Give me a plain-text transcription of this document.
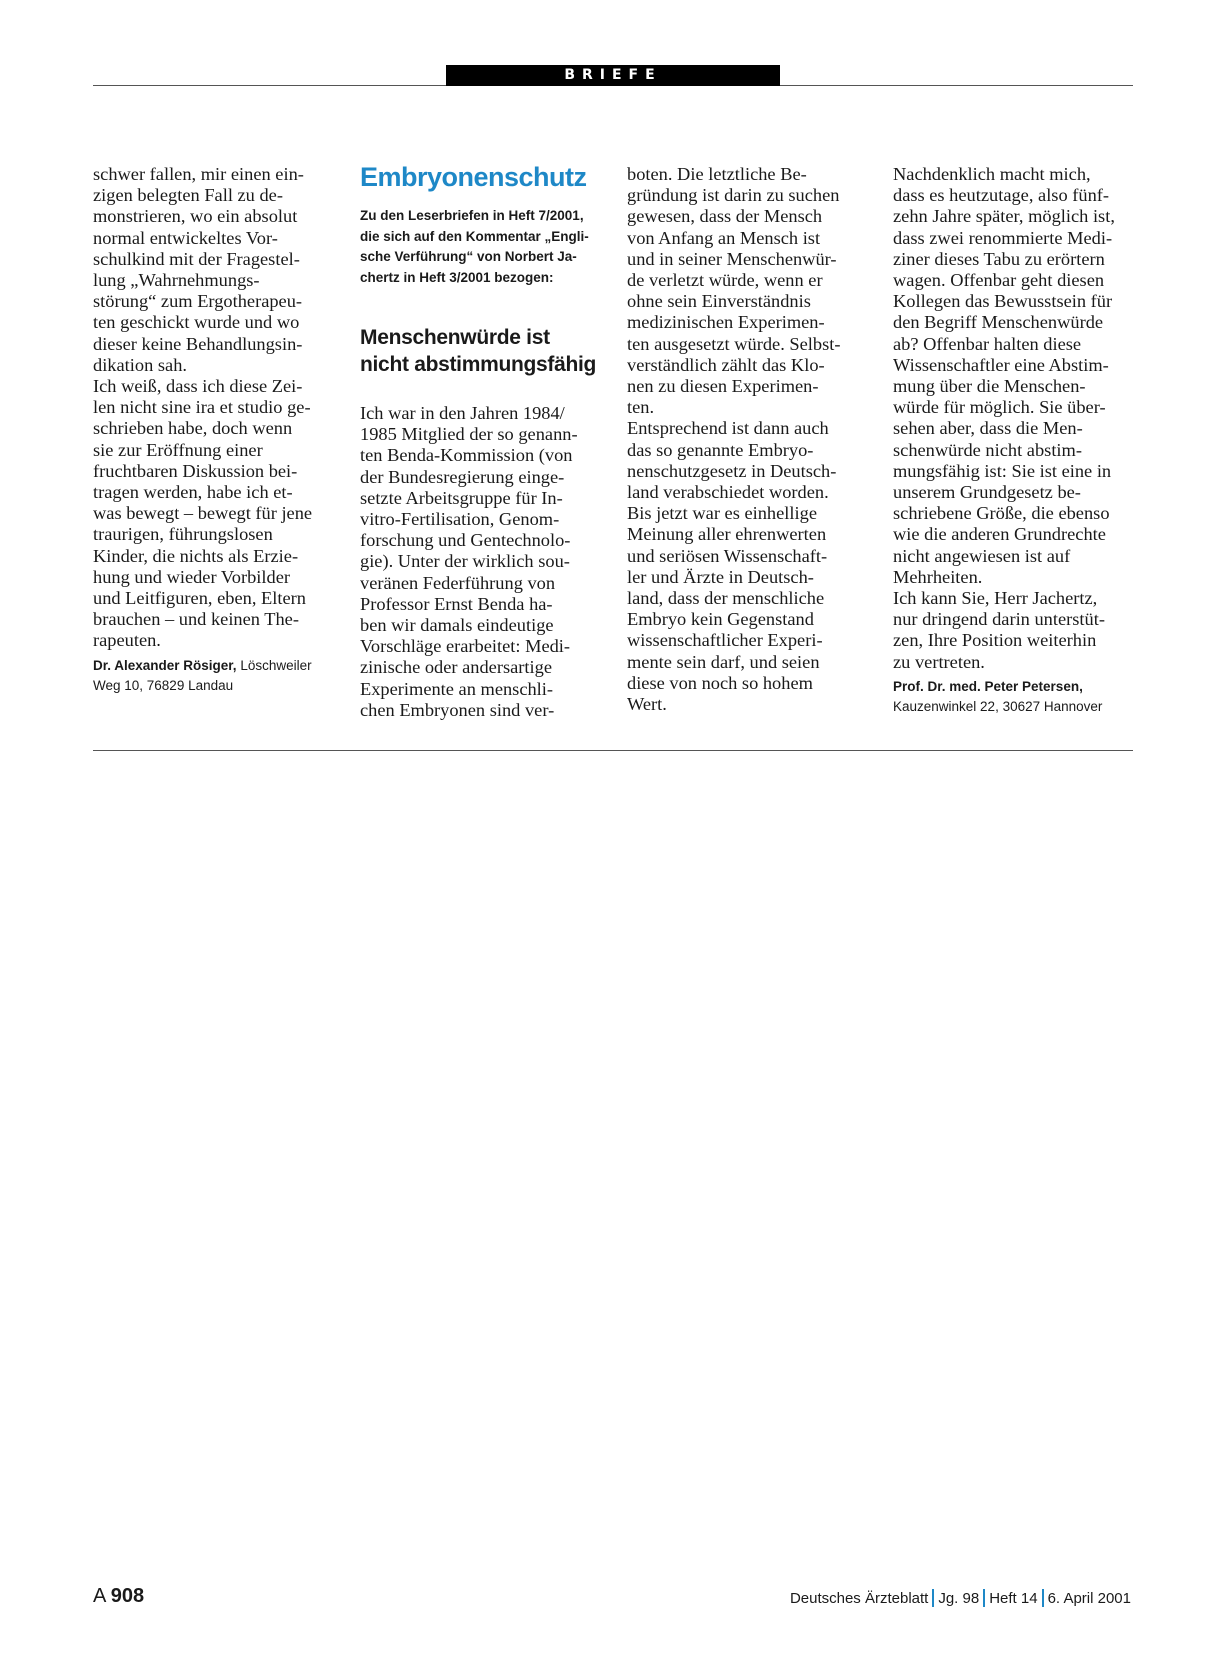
BRIEFE

schwer fallen, mir einen ein-
zigen belegten Fall zu de-
monstrieren, wo ein absolut
normal entwickeltes Vor-
schulkind mit der Fragestel-
lung „Wahrnehmungs-
störung“ zum Ergotherapeu-
ten geschickt wurde und wo
dieser keine Behandlungsin-
dikation sah.
Ich weiß, dass ich diese Zei-
len nicht sine ira et studio ge-
schrieben habe, doch wenn
sie zur Eröffnung einer
fruchtbaren Diskussion bei-
tragen werden, habe ich et-
was bewegt – bewegt für jene
traurigen, führungslosen
Kinder, die nichts als Erzie-
hung und wieder Vorbilder
und Leitfiguren, eben, Eltern
brauchen – und keinen The-
rapeuten.

Dr. Alexander Rösiger, Löschweiler Weg 10, 76829 Landau

Embryonenschutz

Zu den Leserbriefen in Heft 7/2001,
die sich auf den Kommentar „Engli-
sche Verführung“ von Norbert Ja-
chertz in Heft 3/2001 bezogen:

Menschenwürde ist
nicht abstimmungsfähig

Ich war in den Jahren 1984/
1985 Mitglied der so genann-
ten Benda-Kommission (von
der Bundesregierung einge-
setzte Arbeitsgruppe für In-
vitro-Fertilisation, Genom-
forschung und Gentechnolo-
gie). Unter der wirklich sou-
veränen Federführung von
Professor Ernst Benda ha-
ben wir damals eindeutige
Vorschläge erarbeitet: Medi-
zinische oder andersartige
Experimente an menschli-
chen Embryonen sind ver-

boten. Die letztliche Be-
gründung ist darin zu suchen
gewesen, dass der Mensch
von Anfang an Mensch ist
und in seiner Menschenwür-
de verletzt würde, wenn er
ohne sein Einverständnis
medizinischen Experimen-
ten ausgesetzt würde. Selbst-
verständlich zählt das Klo-
nen zu diesen Experimen-
ten.
Entsprechend ist dann auch
das so genannte Embryo-
nenschutzgesetz in Deutsch-
land verabschiedet worden.
Bis jetzt war es einhellige
Meinung aller ehrenwerten
und seriösen Wissenschaft-
ler und Ärzte in Deutsch-
land, dass der menschliche
Embryo kein Gegenstand
wissenschaftlicher Experi-
mente sein darf, und seien
diese von noch so hohem
Wert.

Nachdenklich macht mich,
dass es heutzutage, also fünf-
zehn Jahre später, möglich ist,
dass zwei renommierte Medi-
ziner dieses Tabu zu erörtern
wagen. Offenbar geht diesen
Kollegen das Bewusstsein für
den Begriff Menschenwürde
ab? Offenbar halten diese
Wissenschaftler eine Abstim-
mung über die Menschen-
würde für möglich. Sie über-
sehen aber, dass die Men-
schenwürde nicht abstim-
mungsfähig ist: Sie ist eine in
unserem Grundgesetz be-
schriebene Größe, die ebenso
wie die anderen Grundrechte
nicht angewiesen ist auf
Mehrheiten.
Ich kann Sie, Herr Jachertz,
nur dringend darin unterstüt-
zen, Ihre Position weiterhin
zu vertreten.

Prof. Dr. med. Peter Petersen,
Kauzenwinkel 22, 30627 Hannover

A 908	Deutsches Ärzteblatt Jg. 98 Heft 14 6. April 2001
